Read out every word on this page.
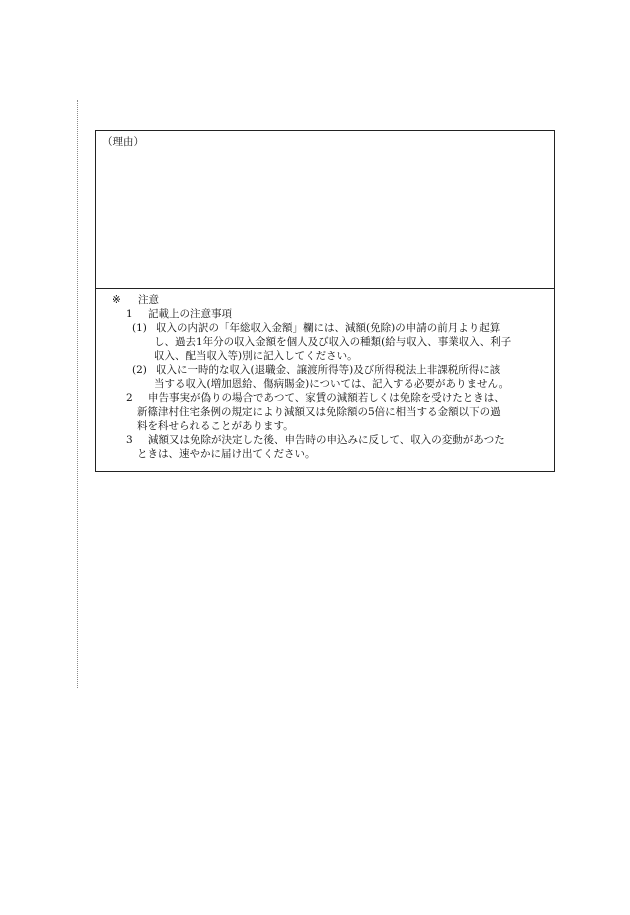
（理由）

※ 注意

1 記載上の注意事項

(1) 収入の内訳の「年総収入金額」欄には、減額(免除)の申請の前月より起算

し、過去1年分の収入金額を個人及び収入の種類(給与収入、事業収入、利子

収入、配当収入等)別に記入してください。

(2) 収入に一時的な収入(退職金、譲渡所得等)及び所得税法上非課税所得に該

当する収入(増加恩給、傷病賜金)については、記入する必要がありません。

2 申告事実が偽りの場合であつて、家賃の減額若しくは免除を受けたときは、

新篠津村住宅条例の規定により減額又は免除額の5倍に相当する金額以下の過

料を科せられることがあります。

3 減額又は免除が決定した後、申告時の申込みに反して、収入の変動があつた

ときは、速やかに届け出てください。
